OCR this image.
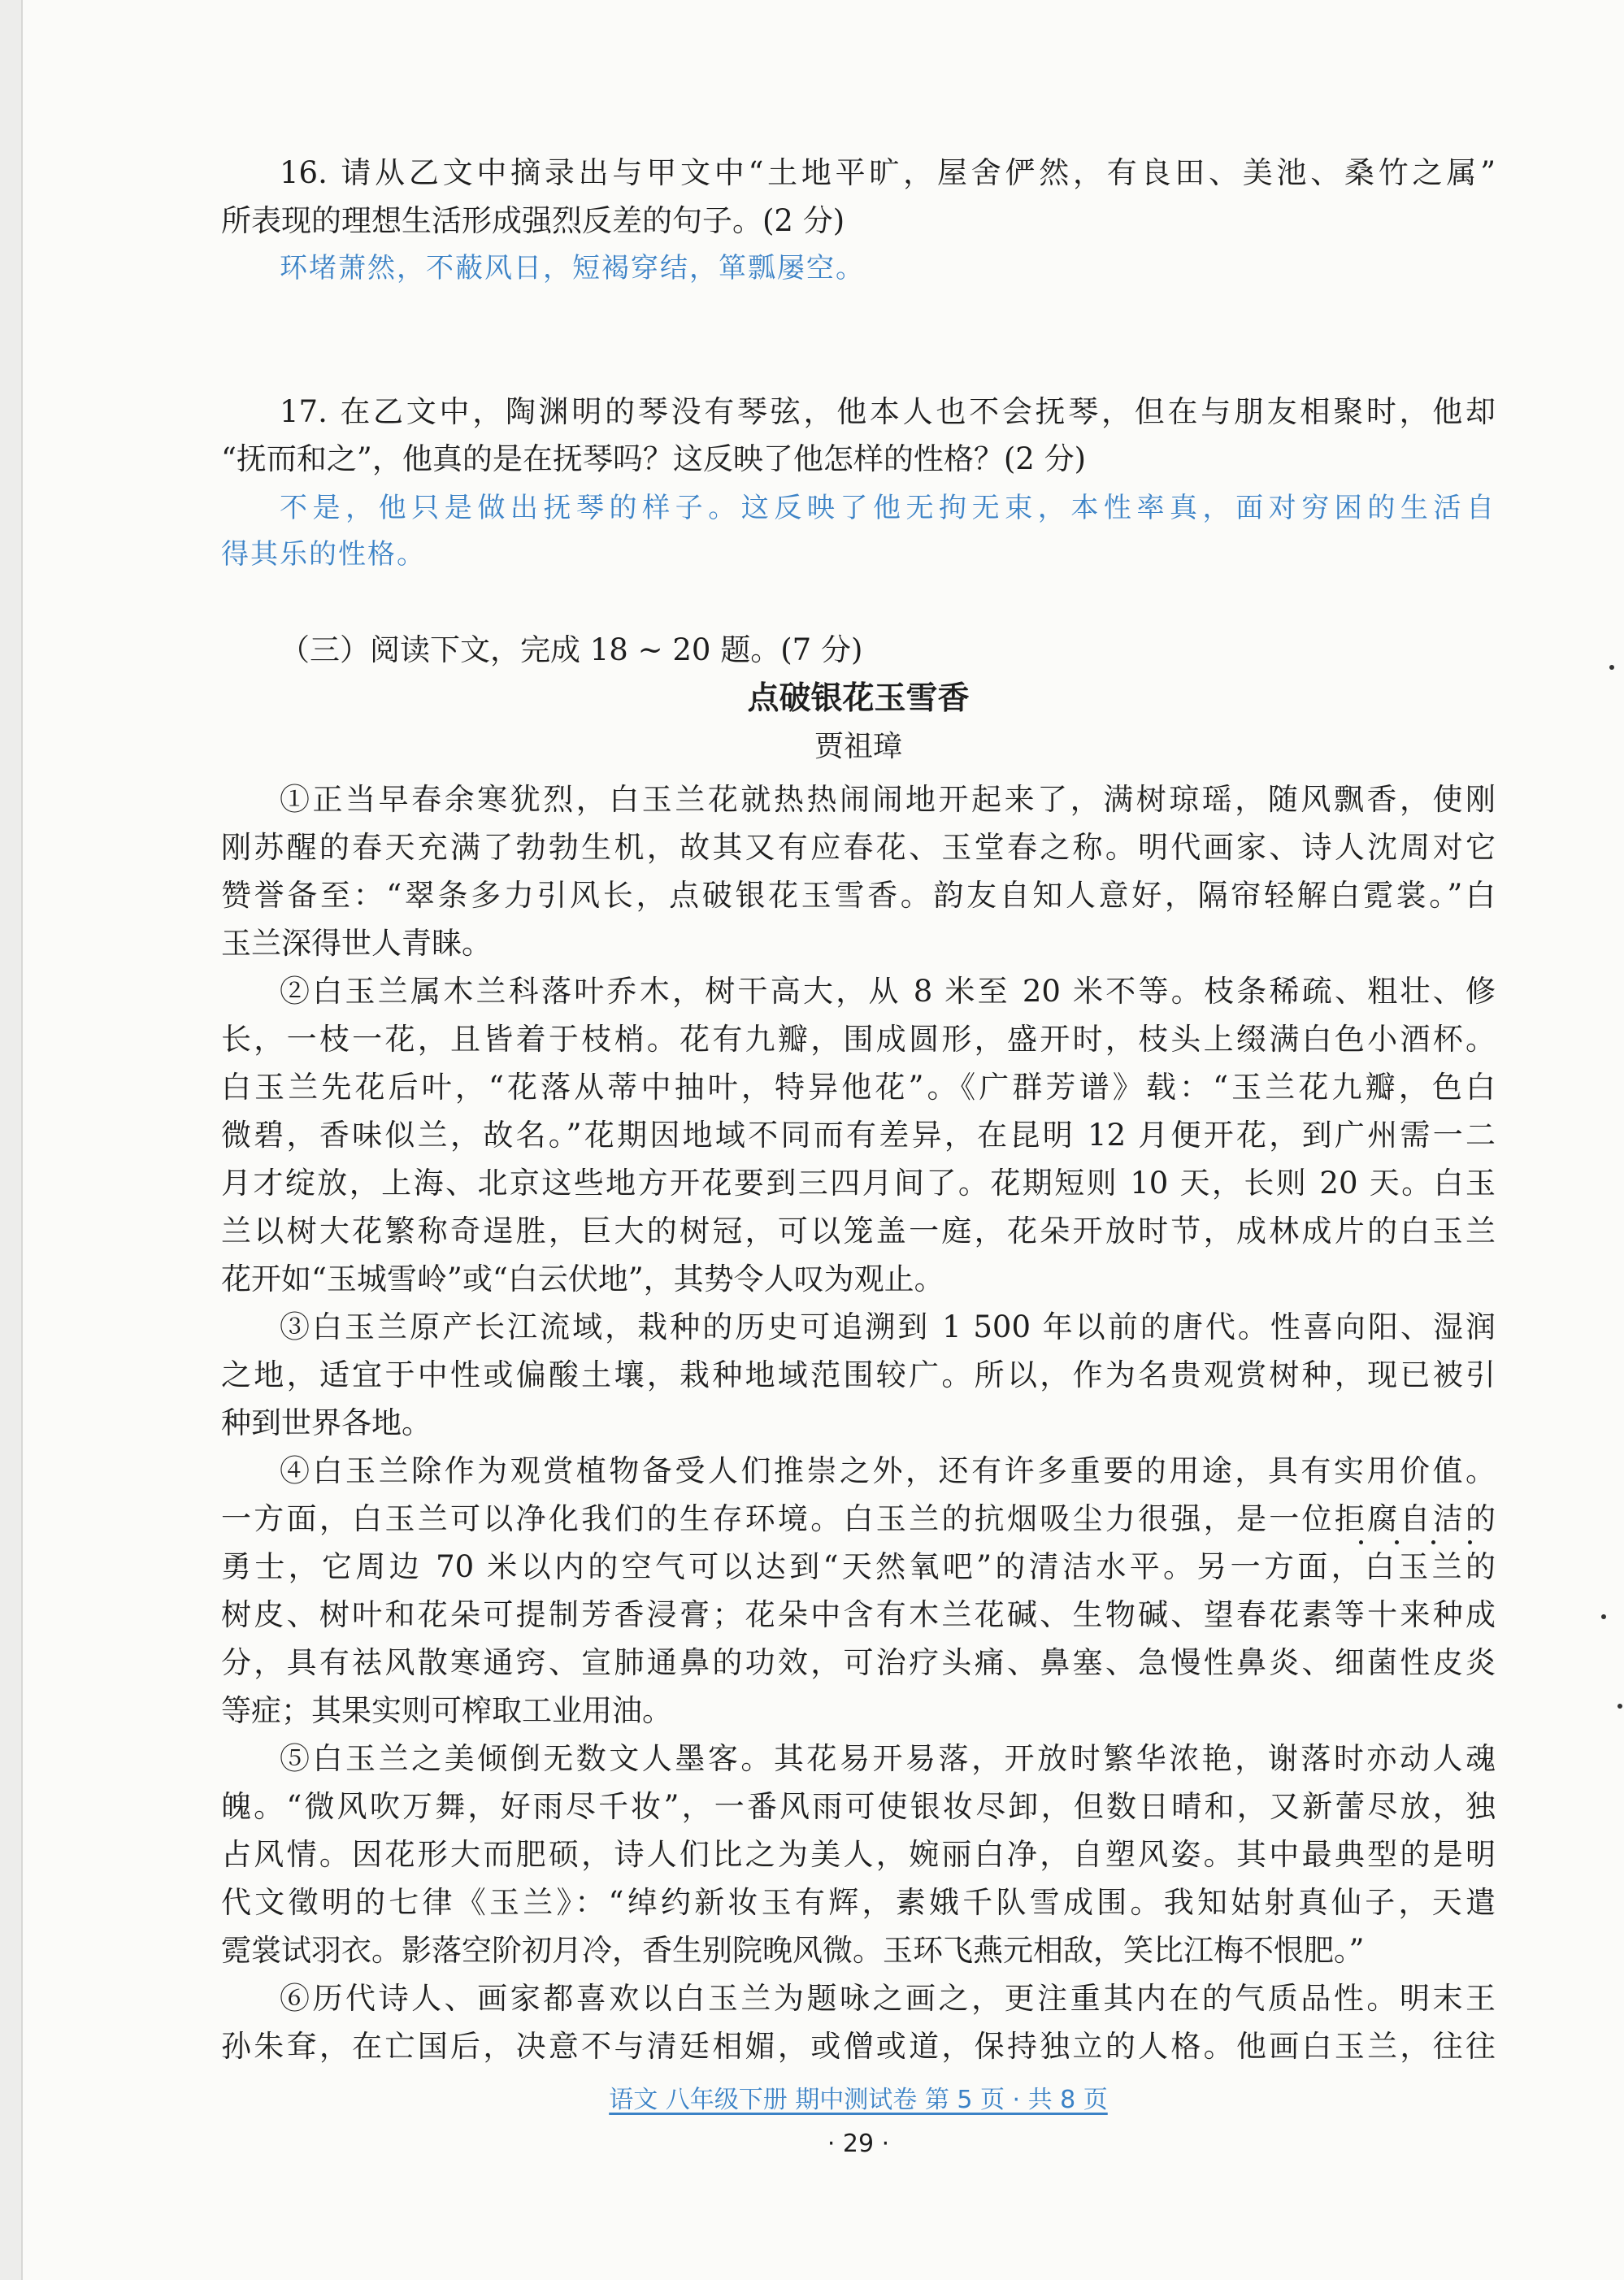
16. 请从乙文中摘录出与甲文中“土地平旷，屋舍俨然，有良田、美池、桑竹之属”
所表现的理想生活形成强烈反差的句子。(2 分)
环堵萧然，不蔽风日，短褐穿结，箪瓢屡空。
17. 在乙文中，陶渊明的琴没有琴弦，他本人也不会抚琴，但在与朋友相聚时，他却
“抚而和之”，他真的是在抚琴吗？这反映了他怎样的性格？(2 分)
不是，他只是做出抚琴的样子。这反映了他无拘无束，本性率真，面对穷困的生活自
得其乐的性格。
（三）阅读下文，完成 18 ~ 20 题。(7 分)
点破银花玉雪香
贾祖璋
①正当早春余寒犹烈，白玉兰花就热热闹闹地开起来了，满树琼瑶，随风飘香，使刚
刚苏醒的春天充满了勃勃生机，故其又有应春花、玉堂春之称。明代画家、诗人沈周对它
赞誉备至：“翠条多力引风长，点破银花玉雪香。韵友自知人意好，隔帘轻解白霓裳。”白
玉兰深得世人青睐。
②白玉兰属木兰科落叶乔木，树干高大，从 8 米至 20 米不等。枝条稀疏、粗壮、修
长，一枝一花，且皆着于枝梢。花有九瓣，围成圆形，盛开时，枝头上缀满白色小酒杯。
白玉兰先花后叶，“花落从蒂中抽叶，特异他花”。《广群芳谱》载：“玉兰花九瓣，色白
微碧，香味似兰，故名。”花期因地域不同而有差异，在昆明 12 月便开花，到广州需一二
月才绽放，上海、北京这些地方开花要到三四月间了。花期短则 10 天，长则 20 天。白玉
兰以树大花繁称奇逞胜，巨大的树冠，可以笼盖一庭，花朵开放时节，成林成片的白玉兰
花开如“玉城雪岭”或“白云伏地”，其势令人叹为观止。
③白玉兰原产长江流域，栽种的历史可追溯到 1 500 年以前的唐代。性喜向阳、湿润
之地，适宜于中性或偏酸土壤，栽种地域范围较广。所以，作为名贵观赏树种，现已被引
种到世界各地。
④白玉兰除作为观赏植物备受人们推崇之外，还有许多重要的用途，具有实用价值。
一方面，白玉兰可以净化我们的生存环境。白玉兰的抗烟吸尘力很强，是一位拒腐自洁的
勇士，它周边 70 米以内的空气可以达到“天然氧吧”的清洁水平。另一方面，白玉兰的
树皮、树叶和花朵可提制芳香浸膏；花朵中含有木兰花碱、生物碱、望春花素等十来种成
分，具有祛风散寒通窍、宣肺通鼻的功效，可治疗头痛、鼻塞、急慢性鼻炎、细菌性皮炎
等症；其果实则可榨取工业用油。
⑤白玉兰之美倾倒无数文人墨客。其花易开易落，开放时繁华浓艳，谢落时亦动人魂
魄。“微风吹万舞，好雨尽千妆”，一番风雨可使银妆尽卸，但数日晴和，又新蕾尽放，独
占风情。因花形大而肥硕，诗人们比之为美人，婉丽白净，自塑风姿。其中最典型的是明
代文徵明的七律《玉兰》：“绰约新妆玉有辉，素娥千队雪成围。我知姑射真仙子，天遣
霓裳试羽衣。影落空阶初月冷，香生别院晚风微。玉环飞燕元相敌，笑比江梅不恨肥。”
⑥历代诗人、画家都喜欢以白玉兰为题咏之画之，更注重其内在的气质品性。明末王
孙朱耷，在亡国后，决意不与清廷相媚，或僧或道，保持独立的人格。他画白玉兰，往往
语文 八年级下册 期中测试卷 第 5 页 · 共 8 页
· 29 ·
